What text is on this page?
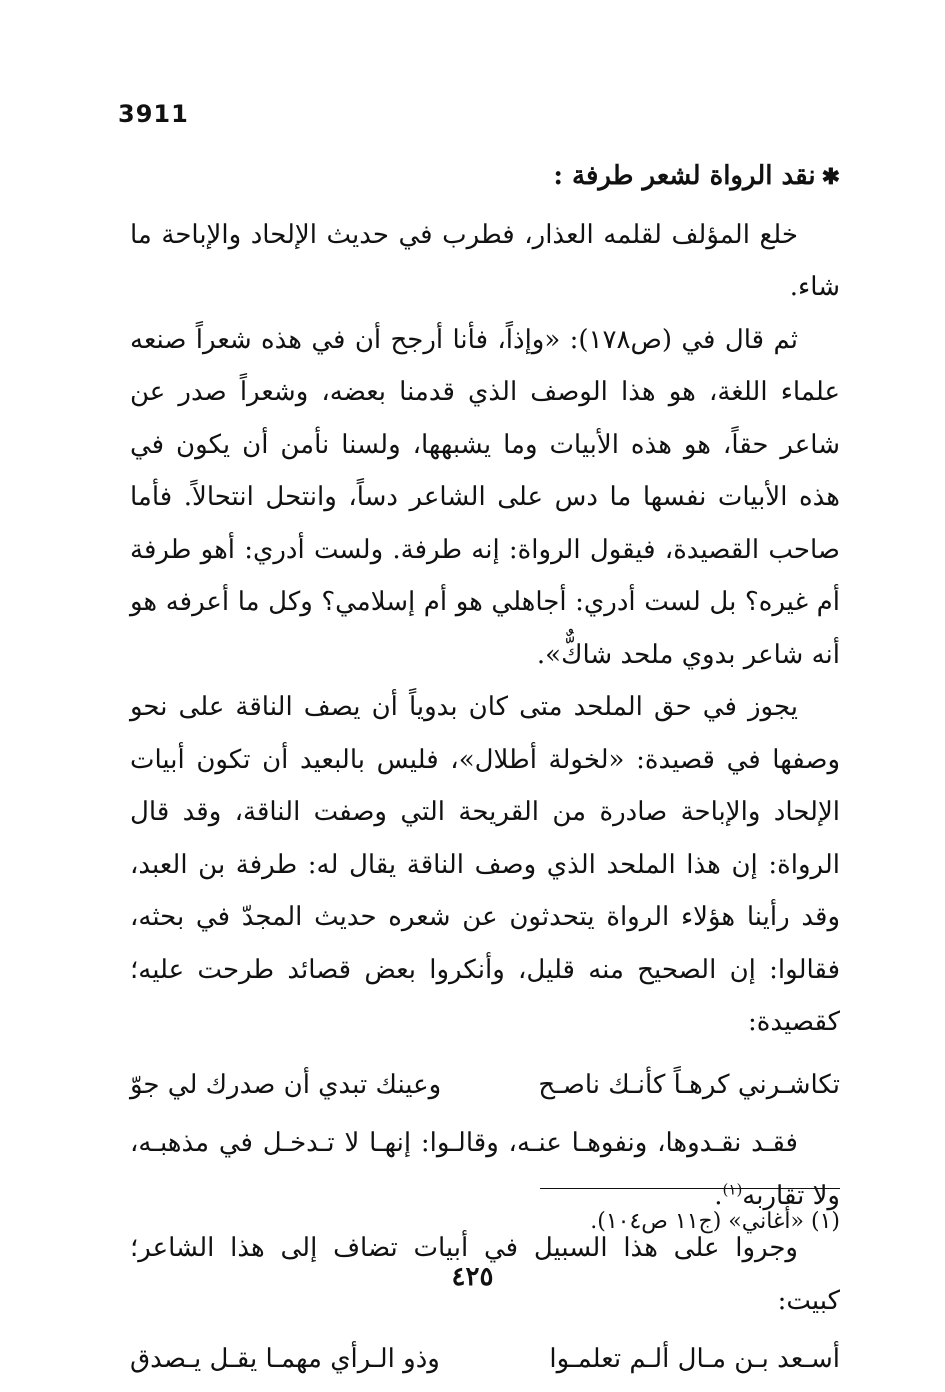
3911
✱نقد الرواة لشعر طرفة :

خلع المؤلف لقلمه العذار، فطرب في حديث الإلحاد والإباحة ما شاء.

ثم قال في (ص١٧٨): «وإذاً، فأنا أرجح أن في هذه شعراً صنعه علماء اللغة، هو هذا الوصف الذي قدمنا بعضه، وشعراً صدر عن شاعر حقاً، هو هذه الأبيات وما يشبهها، ولسنا نأمن أن يكون في هذه الأبيات نفسها ما دس على الشاعر دساً، وانتحل انتحالاً. فأما صاحب القصيدة، فيقول الرواة: إنه طرفة. ولست أدري: أهو طرفة أم غيره؟ بل لست أدري: أجاهلي هو أم إسلامي؟ وكل ما أعرفه هو أنه شاعر بدوي ملحد شاكٌّ».

يجوز في حق الملحد متى كان بدوياً أن يصف الناقة على نحو وصفها في قصيدة: «لخولة أطلال»، فليس بالبعيد أن تكون أبيات الإلحاد والإباحة صادرة من القريحة التي وصفت الناقة، وقد قال الرواة: إن هذا الملحد الذي وصف الناقة يقال له: طرفة بن العبد، وقد رأينا هؤلاء الرواة يتحدثون عن شعره حديث المجدّ في بحثه، فقالوا: إن الصحيح منه قليل، وأنكروا بعض قصائد طرحت عليه؛ كقصيدة:

تكاشـرني كرهـاً كأنـك ناصـح
وعينك تبدي أن صدرك لي جوّ

فقـد نقـدوها، ونفوهـا عنـه، وقالـوا: إنهـا لا تـدخـل في مذهبـه، ولا تقاربه$^{(١)}$.

وجروا على هذا السبيل في أبيات تضاف إلى هذا الشاعر؛ كبيت:

أسـعد بـن مـال ألـم تعلمـوا
وذو الـرأي مهمـا يقـل يـصدق
(١) «أغاني» (ج١١ ص١٠٤).
٤٢٥
